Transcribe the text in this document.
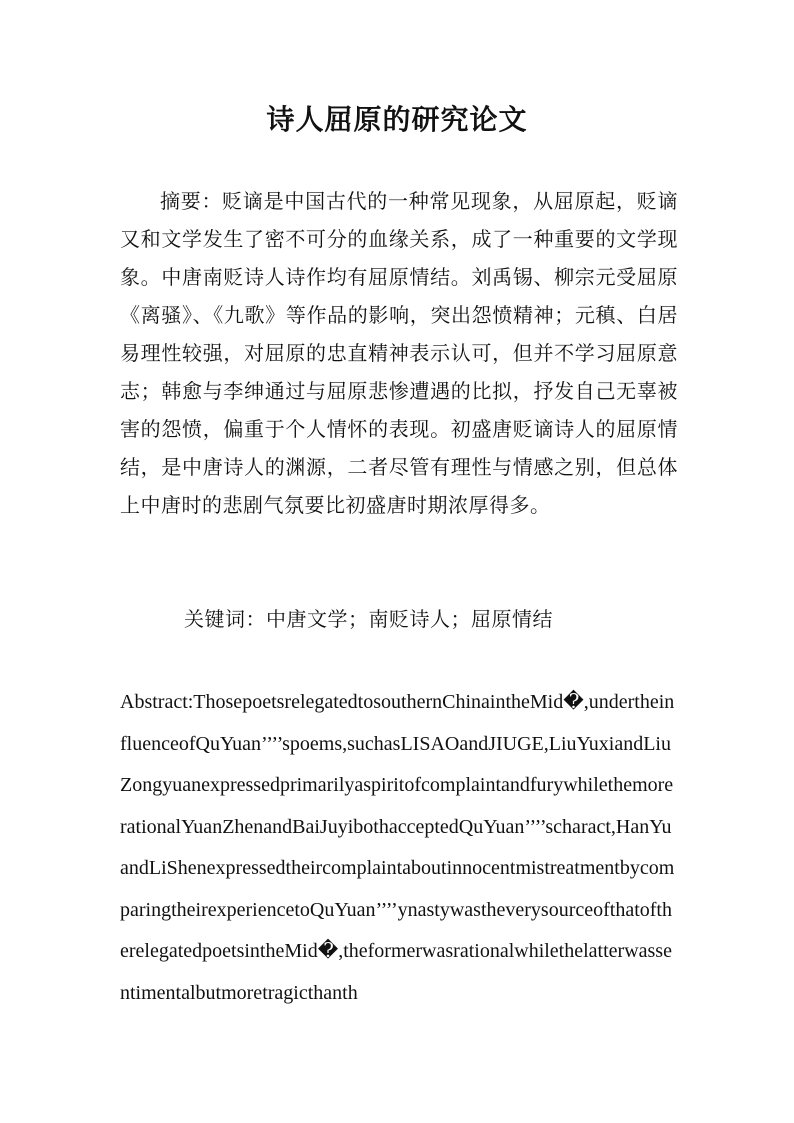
诗人屈原的研究论文
摘要：贬谪是中国古代的一种常见现象，从屈原起，贬谪又和文学发生了密不可分的血缘关系，成了一种重要的文学现象。中唐南贬诗人诗作均有屈原情结。刘禹锡、柳宗元受屈原《离骚》、《九歌》等作品的影响，突出怨愤精神；元稹、白居易理性较强，对屈原的忠直精神表示认可，但并不学习屈原意志；韩愈与李绅通过与屈原悲惨遭遇的比拟，抒发自己无辜被害的怨愤，偏重于个人情怀的表现。初盛唐贬谪诗人的屈原情结，是中唐诗人的渊源，二者尽管有理性与情感之别，但总体上中唐时的悲剧气氛要比初盛唐时期浓厚得多。
关键词：中唐文学；南贬诗人；屈原情结
Abstract:ThosepoetsrelegatedtosouthernChinaintheMid�,undertheinfluenceofQuYuan’’’’spoems,suchasLISAOandJIUGE,LiuYuxiandLiuZongyuanexpressedprimarilyaspiritofcomplaintandfurywhilethemorerationalYuanZhenandBaiJuyibothacceptedQuYuan’’’’scharact,HanYuandLiShenexpressedtheircomplaintaboutinnocentmistreatmentbycomparingtheirexperiencetoQuYuan’’’’ynastywastheverysourceofthatoftherelegatedpoetsintheMid�,theformerwasrationalwhilethelatterwassentimentalbutmoretragicthanth
